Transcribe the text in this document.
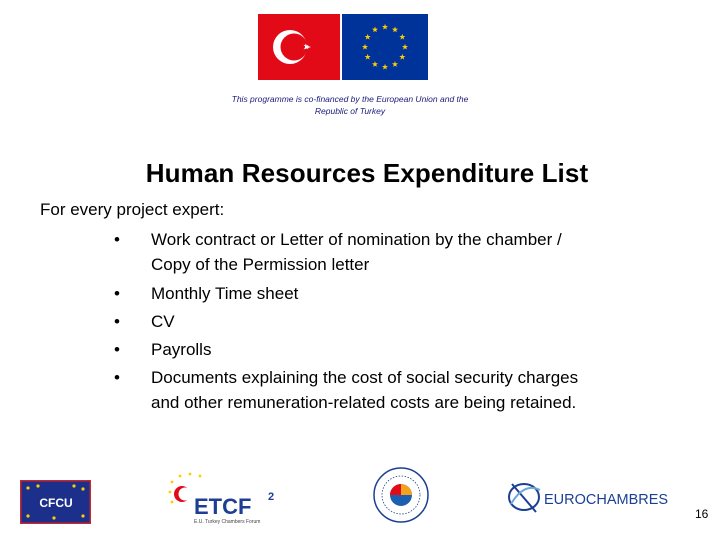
This programme is co-financed by the European Union and the
Republic of Turkey
Human Resources Expenditure List
For every project expert:
• Work contract or Letter of nomination by the chamber /
Copy of the Permission letter
• Monthly Time sheet
• CV
• Payrolls
• Documents explaining the cost of social security charges
and other remuneration-related costs are being retained.
CFCU	ETCF 2
E.U. Turkey Chambers Forum
EUROCHAMBRES
16
